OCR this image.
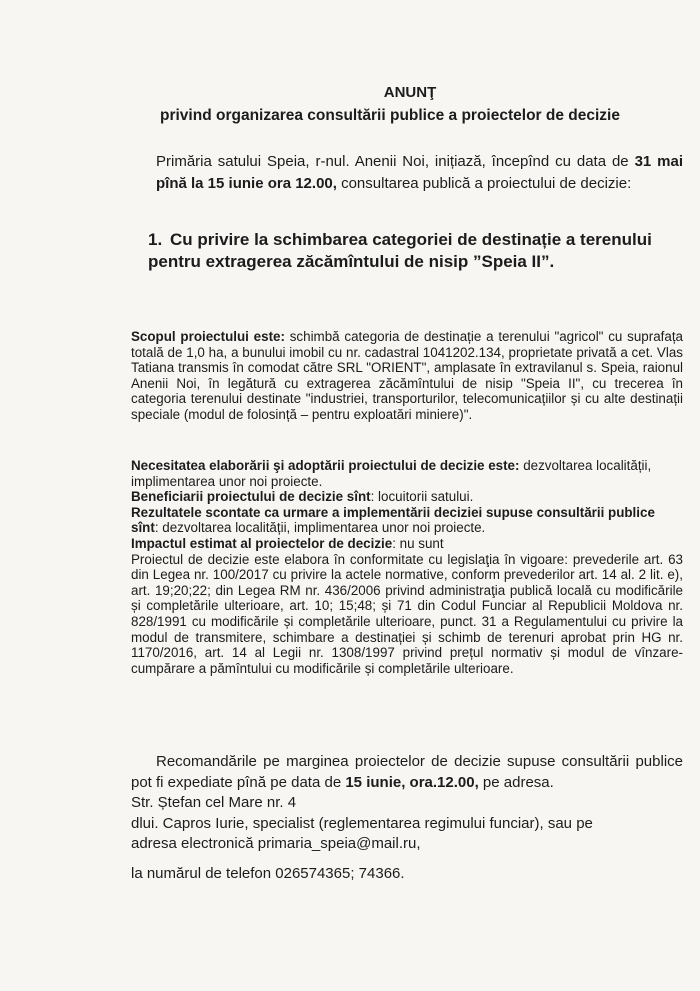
ANUNŢ
privind organizarea consultării publice a proiectelor de decizie

Primăria satului Speia, r-nul. Anenii Noi, inițiază, începînd cu data de 31 mai pînă la 15 iunie ora 12.00, consultarea publică a proiectului de decizie:

1. Cu privire la schimbarea categoriei de destinație a terenului pentru extragerea zăcămîntului de nisip ”Speia II”.

Scopul proiectului este: schimbă categoria de destinație a terenului "agricol" cu suprafața totală de 1,0 ha, a bunului imobil cu nr. cadastral 1041202.134, proprietate privată a cet. Vlas Tatiana transmis în comodat către SRL "ORIENT", amplasate în extravilanul s. Speia, raionul Anenii Noi, în legătură cu extragerea zăcămîntului de nisip "Speia II", cu trecerea în categoria terenului destinate "industriei, transporturilor, telecomunicațiilor și cu alte destinații speciale (modul de folosință – pentru exploatări miniere)".

Necesitatea elaborării şi adoptării proiectului de decizie este: dezvoltarea localității, implimentarea unor noi proiecte.

Beneficiarii proiectului de decizie sînt: locuitorii satului.

Rezultatele scontate ca urmare a implementării deciziei supuse consultării publice sînt: dezvoltarea localității, implimentarea unor noi proiecte.

Impactul estimat al proiectelor de decizie: nu sunt

Proiectul de decizie este elabora în conformitate cu legislaţia în vigoare: prevederile art. 63 din Legea nr. 100/2017 cu privire la actele normative, conform prevederilor art. 14 al. 2 lit. e), art. 19;20;22; din Legea RM nr. 436/2006 privind administraţia publică locală cu modificările și completările ulterioare, art. 10; 15;48; și 71 din Codul Funciar al Republicii Moldova nr. 828/1991 cu modificările și completările ulterioare, punct. 31 a Regulamentului cu privire la modul de transmitere, schimbare a destinației și schimb de terenuri aprobat prin HG nr. 1170/2016, art. 14 al Legii nr. 1308/1997 privind prețul normativ și modul de vînzare-cumpărare a pămîntului cu modificările și completările ulterioare.

Recomandările pe marginea proiectelor de decizie supuse consultării publice pot fi expediate pînă pe data de 15 iunie, ora.12.00, pe adresa.

Str. Ștefan cel Mare nr. 4

dlui. Capros Iurie, specialist (reglementarea regimului funciar), sau pe

adresa electronică primaria_speia@mail.ru,

la numărul de telefon 026574365; 74366.
